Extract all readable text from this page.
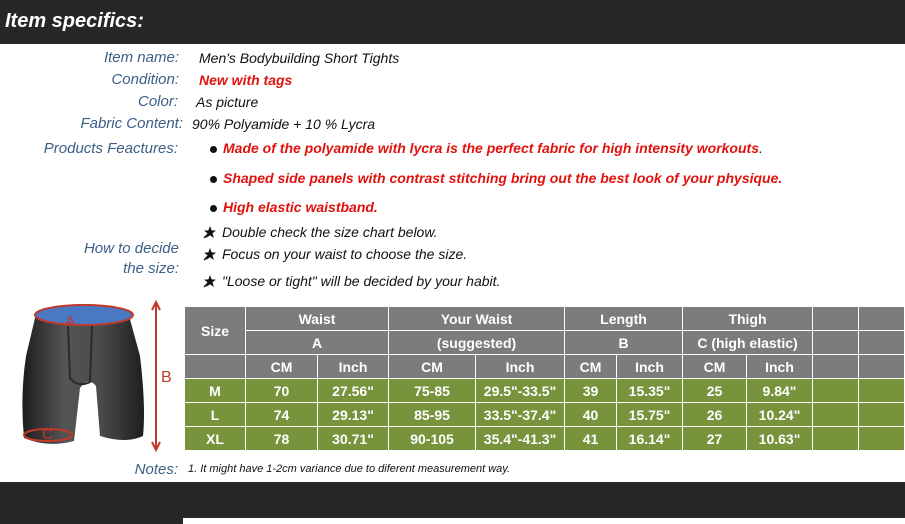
Item specifics:
Item name: Men's Bodybuilding Short Tights
Condition: New with tags
Color: As picture
Fabric Content: 90% Polyamide + 10 % Lycra
Products Feactures:	Made of the polyamide with lycra is the perfect fabric for high intensity workouts .
Shaped side panels with contrast stitching bring out the best look of your physique.
High elastic waistband.
How to decide
the size:
Double check the size chart below.
Focus on your waist to choose the size.
"Loose or tight" will be decided by your habit.
A
C
B
Size	Waist		Your Waist		Length		Thigh			
	A		(suggested)		B		C (high elastic)			
	CM	Inch	CM	Inch	CM	Inch	CM	Inch		
M	70	27.56"	75-85	29.5"-33.5"	39	15.35"	25	9.84"		
L	74	29.13"	85-95	33.5"-37.4"	40	15.75"	26	10.24"		
XL	78	30.71"	90-105	35.4"-41.3"	41	16.14"	27	10.63"		
Notes: 1. It might have 1-2cm variance due to diferent measurement way.
